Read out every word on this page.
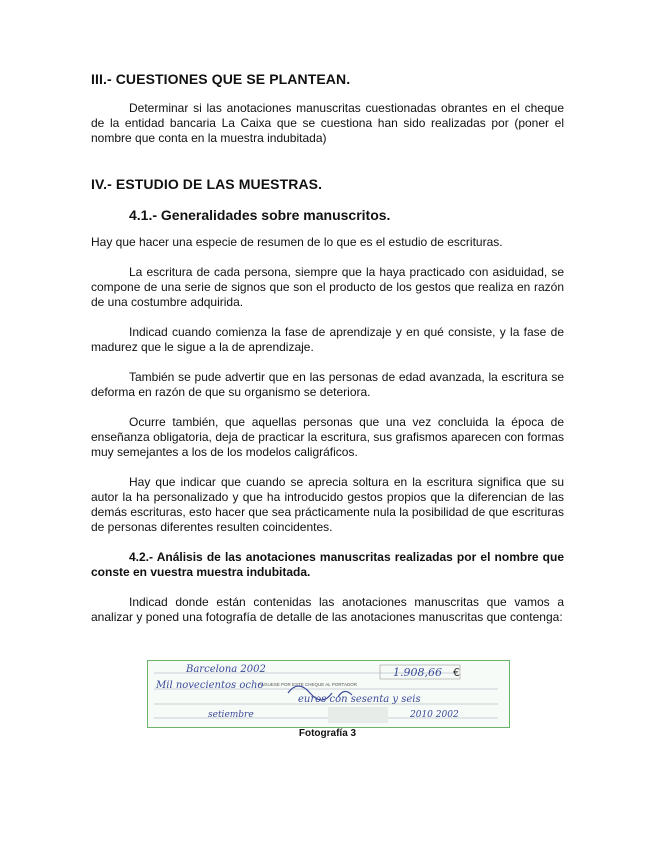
III.- CUESTIONES QUE SE PLANTEAN.

Determinar si las anotaciones manuscritas cuestionadas obrantes en el cheque de la entidad bancaria La Caixa que se cuestiona han sido realizadas por (poner el nombre que conta en la muestra indubitada)

IV.- ESTUDIO DE LAS MUESTRAS.

4.1.- Generalidades sobre manuscritos.

Hay que hacer una especie de resumen de lo que es el estudio de escrituras.

La escritura de cada persona, siempre que la haya practicado con asiduidad, se compone de una serie de signos que son el producto de los gestos que realiza en razón de una costumbre adquirida.

Indicad cuando comienza la fase de aprendizaje y en qué consiste, y la fase de madurez que le sigue a la de aprendizaje.

También se pude advertir que en las personas de edad avanzada, la escritura se deforma en razón de que su organismo se deteriora.

Ocurre también, que aquellas personas que una vez concluida la época de enseñanza obligatoria, deja de practicar la escritura, sus grafismos aparecen con formas muy semejantes a los de los modelos caligráficos.

Hay que indicar que cuando se aprecia soltura en la escritura significa que su autor la ha personalizado y que ha introducido gestos propios que la diferencian de las demás escrituras, esto hacer que sea prácticamente nula la posibilidad de que escrituras de personas diferentes resulten coincidentes.

4.2.- Análisis de las anotaciones manuscritas realizadas por el nombre que conste en vuestra muestra indubitada.

Indicad donde están contenidas las anotaciones manuscritas que vamos a analizar y poned una fotografía de detalle de las anotaciones manuscritas que contenga:

PÁGUESE POR ESTE CHEQUE AL PORTADOR
Barcelona 2002	1.908,66 €
Mil novecientos ocho
euros con sesenta y seis
setiembre	2010 2002
Fotografía 3
